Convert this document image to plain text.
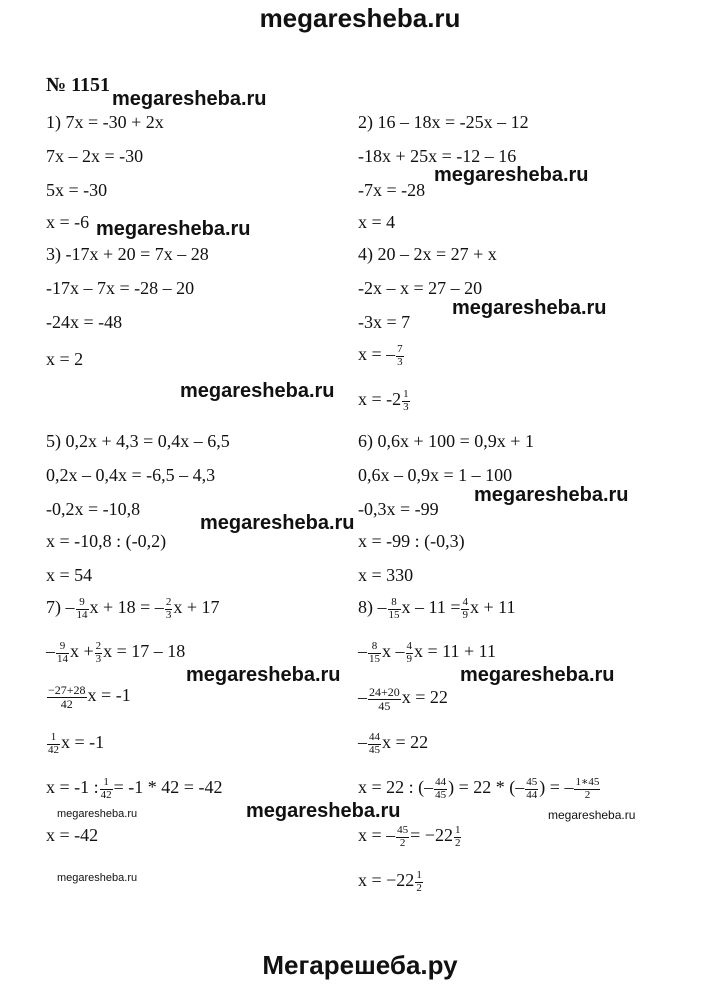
megaresheba.ru
№ 1151
megaresheba.ru
megaresheba.ru
megaresheba.ru
megaresheba.ru
megaresheba.ru
megaresheba.ru
megaresheba.ru
megaresheba.ru	megaresheba.ru
megaresheba.ru
megaresheba.ru	megaresheba.ru
megaresheba.ru
1) 7x = -30 + 2x
7x – 2x = -30
5x = -30
x = -6
3) -17x + 20 = 7x – 28
-17x – 7x = -28 – 20
-24x = -48
x = 2
2) 16 – 18x = -25x – 12
-18x + 25x = -12 – 16
-7x = -28
x = 4
4) 20 – 2x = 27 + x
-2x – x = 27 – 20
-3x = 7
x = – $\frac{7}{3}$
$x = -2 \frac{1}{3}$
5) 0,2x + 4,3 = 0,4x – 6,5
0,2x – 0,4x = -6,5 – 4,3
-0,2x = -10,8
x = -10,8 : (-0,2)
x = 54
6) 0,6x + 100 = 0,9x + 1
0,6x – 0,9x = 1 – 100
-0,3x = -99
x = -99 : (-0,3)
x = 330
$7) - \frac{9}{14}$ x + 18 = – $\frac{2}{3}$ x + 17
– $\frac{9}{14}$ $x + \frac{2}{3}$ x = 17 – 18
$\frac{-27+28}{42}$ x = -1
$\frac{1}{42}$ x = -1
x = -1 : $\frac{1}{42} = -1 * 42 = -42$
x = -42
$8) - \frac{8}{15}$ $x - 11 = \frac{4}{9}$ x + 11
– $\frac{8}{15}$ x – $\frac{4}{9}$ x = 11 + 11
– $\frac{24+20}{45}$ x = 22
– $\frac{44}{45}$ x = 22
x = 22 : (– $\frac{44}{45}$ ) = 22 * (– $\frac{45}{44}$ ) = – $\frac{1∗45}{2}$
x = – $\frac{45}{2} = -22 \frac{1}{2}$
$x = -22 \frac{1}{2}$
Мегарешеба.ру
